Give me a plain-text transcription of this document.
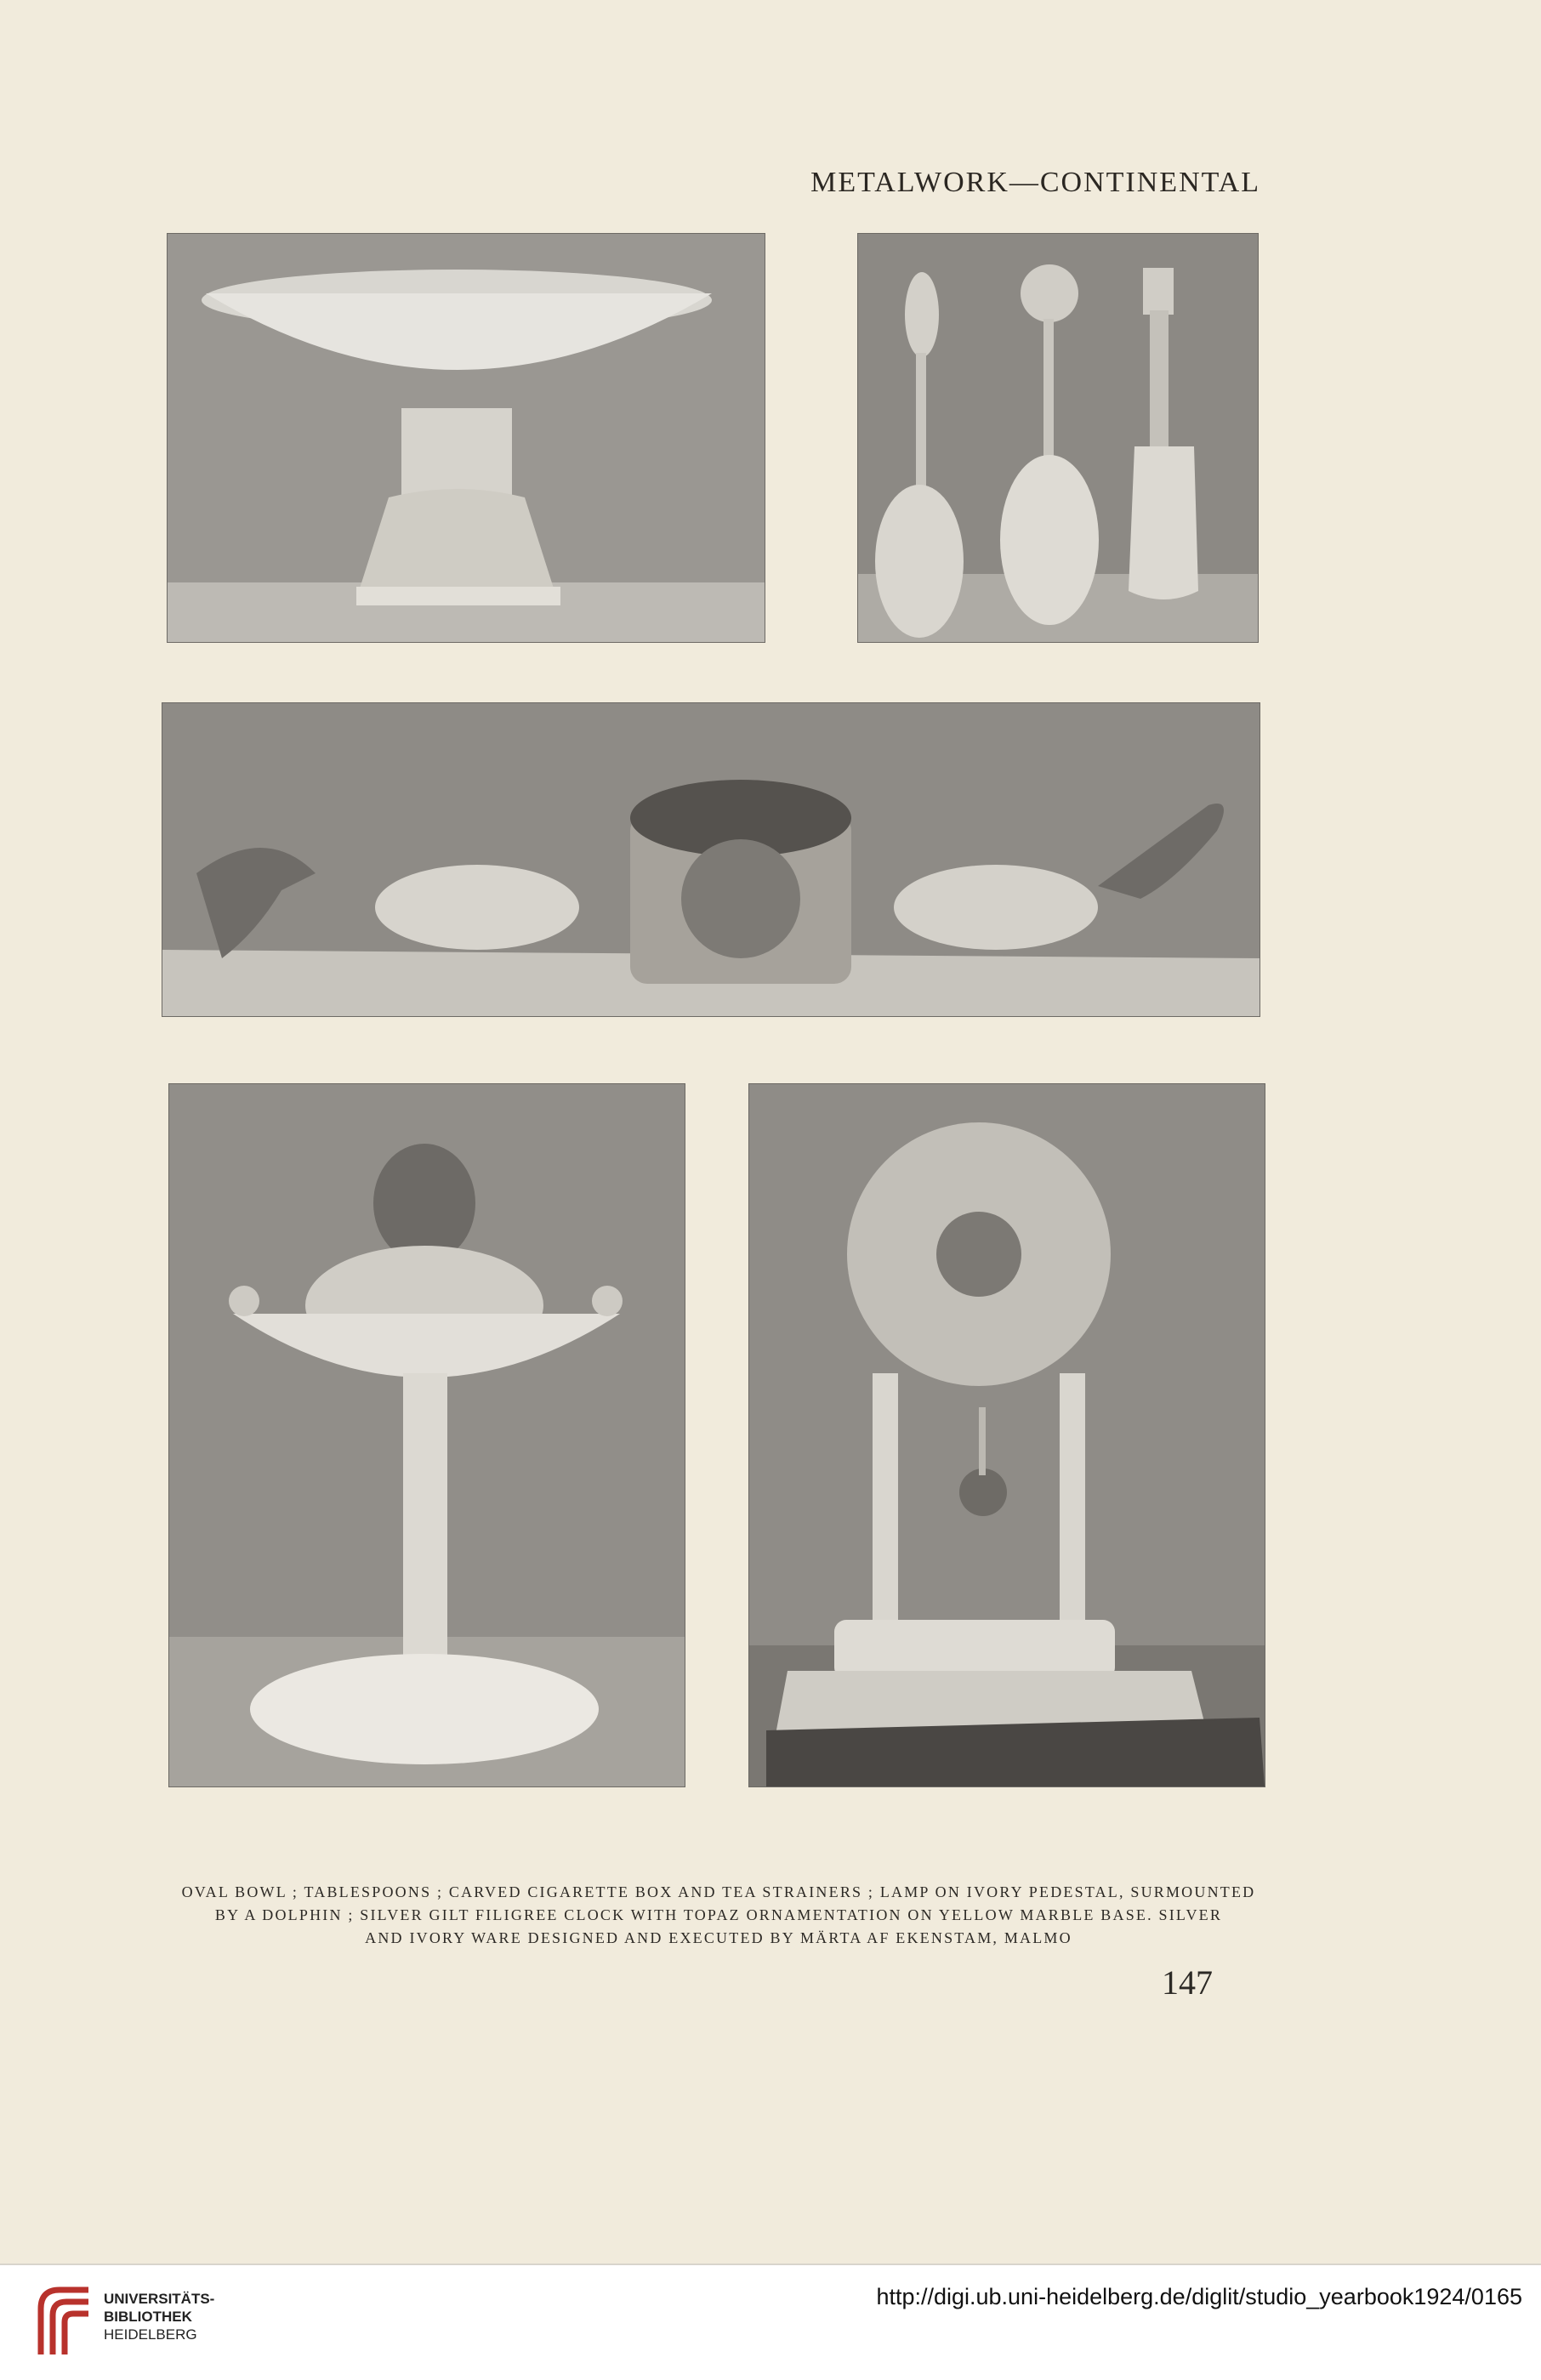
METALWORK—CONTINENTAL
OVAL BOWL ; TABLESPOONS ; CARVED CIGARETTE BOX AND TEA STRAINERS ; LAMP ON IVORY PEDESTAL, SURMOUNTED
BY A DOLPHIN ; SILVER GILT FILIGREE CLOCK WITH TOPAZ ORNAMENTATION ON YELLOW MARBLE BASE. SILVER
AND IVORY WARE DESIGNED AND EXECUTED BY MÄRTA AF EKENSTAM, MALMO
147
UNIVERSITÄTS-
BIBLIOTHEK
HEIDELBERG
http://digi.ub.uni-heidelberg.de/diglit/studio_yearbook1924/0165
